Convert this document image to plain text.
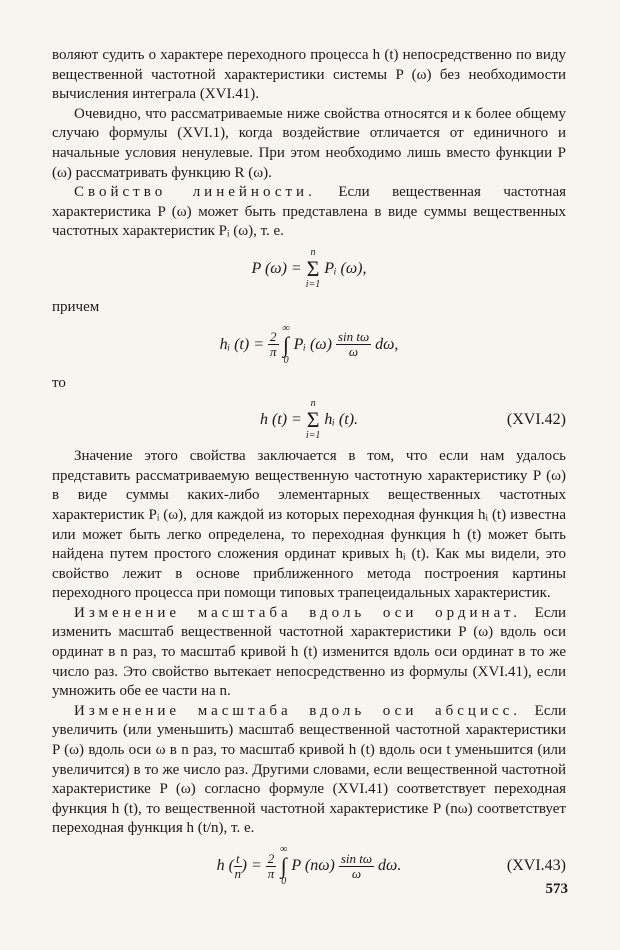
воляют судить о характере переходного процесса h (t) непосредственно по виду вещественной частотной характеристики системы P (ω) без необходимости вычисления интеграла (XVI.41).

Очевидно, что рассматриваемые ниже свойства относятся и к более общему случаю формулы (XVI.1), когда воздействие отличается от единичного и начальные условия ненулевые. При этом необходимо лишь вместо функции P (ω) рассматривать функцию R (ω).

Свойство линейности. Если вещественная частотная характеристика P (ω) может быть представлена в виде суммы вещественных частотных характеристик Pᵢ (ω), т. е.

P (ω) =
n
Σ
i=1
Pᵢ (ω),

причем

hᵢ $(t) = \frac{2}{\pi}$

∞
∫
0
Pᵢ $(\omega) \frac{\text{sin tω}}{\omega} d\omega$,

то

h (t) =
n
Σ
i=1
hᵢ (t).	(XVI.42)

Значение этого свойства заключается в том, что если нам удалось представить рассматриваемую вещественную частотную характеристику P (ω) в виде суммы каких-либо элементарных вещественных частотных характеристик Pᵢ (ω), для каждой из которых переходная функция hᵢ (t) известна или может быть легко определена, то переходная функция h (t) может быть найдена путем простого сложения ординат кривых hᵢ (t). Как мы видели, это свойство лежит в основе приближенного метода построения картины переходного процесса при помощи типовых трапецеидальных характеристик.

Изменение масштаба вдоль оси ординат. Если изменить масштаб вещественной частотной характеристики P (ω) вдоль оси ординат в n раз, то масштаб кривой h (t) изменится вдоль оси ординат в то же число раз. Это свойство вытекает непосредственно из формулы (XVI.41), если умножить обе ее части на n.

Изменение масштаба вдоль оси абсцисс. Если увеличить (или уменьшить) масштаб вещественной частотной характеристики P (ω) вдоль оси ω в n раз, то масштаб кривой h (t) вдоль оси t уменьшится (или увеличится) в то же число раз. Другими словами, если вещественной частотной характеристике P (ω) согласно формуле (XVI.41) соответствует переходная функция h (t), то вещественной частотной характеристике P (nω) соответствует переходная функция h (t/n), т. е.

h ( $\frac{t}{n}$ ) = $\frac{2}{\pi}$

∞
∫
0
P $(n\omega) \frac{\text{sin tω}}{\omega} d\omega$.	(XVI.43)
573
